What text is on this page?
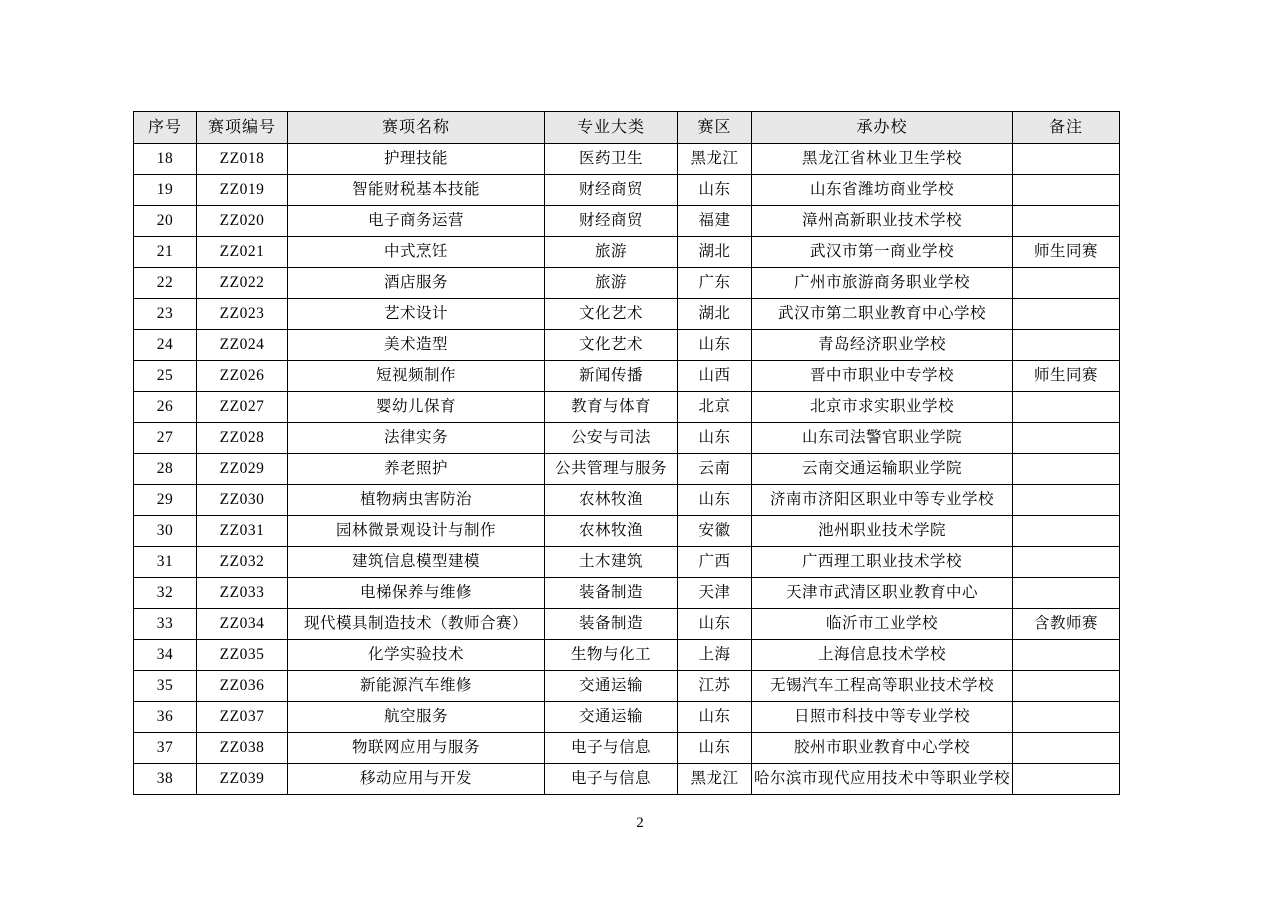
序号	赛项编号	赛项名称	专业大类	赛区	承办校	备注
18	ZZ018	护理技能	医药卫生	黑龙江	黑龙江省林业卫生学校	
19	ZZ019	智能财税基本技能	财经商贸	山东	山东省潍坊商业学校	
20	ZZ020	电子商务运营	财经商贸	福建	漳州高新职业技术学校	
21	ZZ021	中式烹饪	旅游	湖北	武汉市第一商业学校	师生同赛
22	ZZ022	酒店服务	旅游	广东	广州市旅游商务职业学校	
23	ZZ023	艺术设计	文化艺术	湖北	武汉市第二职业教育中心学校	
24	ZZ024	美术造型	文化艺术	山东	青岛经济职业学校	
25	ZZ026	短视频制作	新闻传播	山西	晋中市职业中专学校	师生同赛
26	ZZ027	婴幼儿保育	教育与体育	北京	北京市求实职业学校	
27	ZZ028	法律实务	公安与司法	山东	山东司法警官职业学院	
28	ZZ029	养老照护	公共管理与服务	云南	云南交通运输职业学院	
29	ZZ030	植物病虫害防治	农林牧渔	山东	济南市济阳区职业中等专业学校	
30	ZZ031	园林微景观设计与制作	农林牧渔	安徽	池州职业技术学院	
31	ZZ032	建筑信息模型建模	土木建筑	广西	广西理工职业技术学校	
32	ZZ033	电梯保养与维修	装备制造	天津	天津市武清区职业教育中心	
33	ZZ034	现代模具制造技术（教师合赛）	装备制造	山东	临沂市工业学校	含教师赛
34	ZZ035	化学实验技术	生物与化工	上海	上海信息技术学校	
35	ZZ036	新能源汽车维修	交通运输	江苏	无锡汽车工程高等职业技术学校	
36	ZZ037	航空服务	交通运输	山东	日照市科技中等专业学校	
37	ZZ038	物联网应用与服务	电子与信息	山东	胶州市职业教育中心学校	
38	ZZ039	移动应用与开发	电子与信息	黑龙江	哈尔滨市现代应用技术中等职业学校	
2
